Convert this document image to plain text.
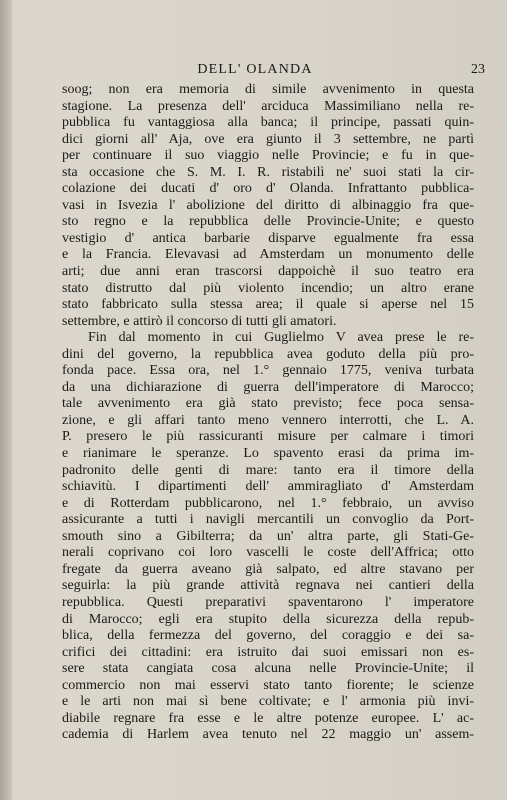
DELL' OLANDA	23
soog; non era memoria di simile avvenimento in questa
stagione. La presenza dell' arciduca Massimiliano nella re-
pubblica fu vantaggiosa alla banca; il principe, passati quin-
dici giorni all' Aja, ove era giunto il 3 settembre, ne partì
per continuare il suo viaggio nelle Provincie; e fu in que-
sta occasione che S. M. I. R. ristabilì ne' suoi stati la cir-
colazione dei ducati d' oro d' Olanda. Infrattanto pubblica-
vasi in Isvezia l' abolizione del diritto di albinaggio fra que-
sto regno e la repubblica delle Provincie-Unite; e questo
vestigio d' antica barbarie disparve egualmente fra essa
e la Francia. Elevavasi ad Amsterdam un monumento delle
arti; due anni eran trascorsi dappoichè il suo teatro era
stato distrutto dal più violento incendio; un altro erane
stato fabbricato sulla stessa area; il quale si aperse nel 15
settembre, e attirò il concorso di tutti gli amatori.
Fin dal momento in cui Guglielmo V avea prese le re-
dini del governo, la repubblica avea goduto della più pro-
fonda pace. Essa ora, nel 1.° gennaio 1775, veniva turbata
da una dichiarazione di guerra dell'imperatore di Marocco;
tale avvenimento era già stato previsto; fece poca sensa-
zione, e gli affari tanto meno vennero interrotti, che L. A.
P. presero le più rassicuranti misure per calmare i timori
e rianimare le speranze. Lo spavento erasi da prima im-
padronito delle genti di mare: tanto era il timore della
schiavitù. I dipartimenti dell' ammiragliato d' Amsterdam
e di Rotterdam pubblicarono, nel 1.° febbraio, un avviso
assicurante a tutti i navigli mercantili un convoglio da Port-
smouth sino a Gibilterra; da un' altra parte, gli Stati-Ge-
nerali coprivano coi loro vascelli le coste dell'Affrica; otto
fregate da guerra aveano già salpato, ed altre stavano per
seguirla: la più grande attività regnava nei cantieri della
repubblica. Questi preparativi spaventarono l' imperatore
di Marocco; egli era stupito della sicurezza della repub-
blica, della fermezza del governo, del coraggio e dei sa-
crifici dei cittadini: era istruito dai suoi emissari non es-
sere stata cangiata cosa alcuna nelle Provincie-Unite; il
commercio non mai esservi stato tanto fiorente; le scienze
e le arti non mai sì bene coltivate; e l' armonia più invi-
diabile regnare fra esse e le altre potenze europee. L' ac-
cademia di Harlem avea tenuto nel 22 maggio un' assem-
